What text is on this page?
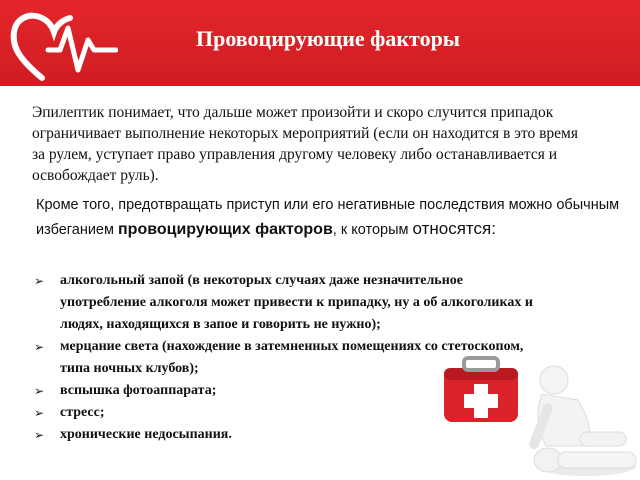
Провоцирующие факторы
Эпилептик понимает, что дальше может произойти и скоро случится припадок ограничивает выполнение некоторых мероприятий (если он находится в это время за рулем, уступает право управления другому человеку либо останавливается и освобождает руль).
Кроме того, предотвращать приступ или его негативные последствия можно обычным избеганием провоцирующих факторов, к которым относятся:
➢ алкогольный запой (в некоторых случаях даже незначительное употребление алкоголя может привести к припадку, ну а об алкоголиках и людях, находящихся в запое и говорить не нужно);
➢ мерцание света (нахождение в затемненных помещениях со стетоскопом, типа ночных клубов);
➢ вспышка фотоаппарата;
➢ стресс;
➢ хронические недосыпания.
